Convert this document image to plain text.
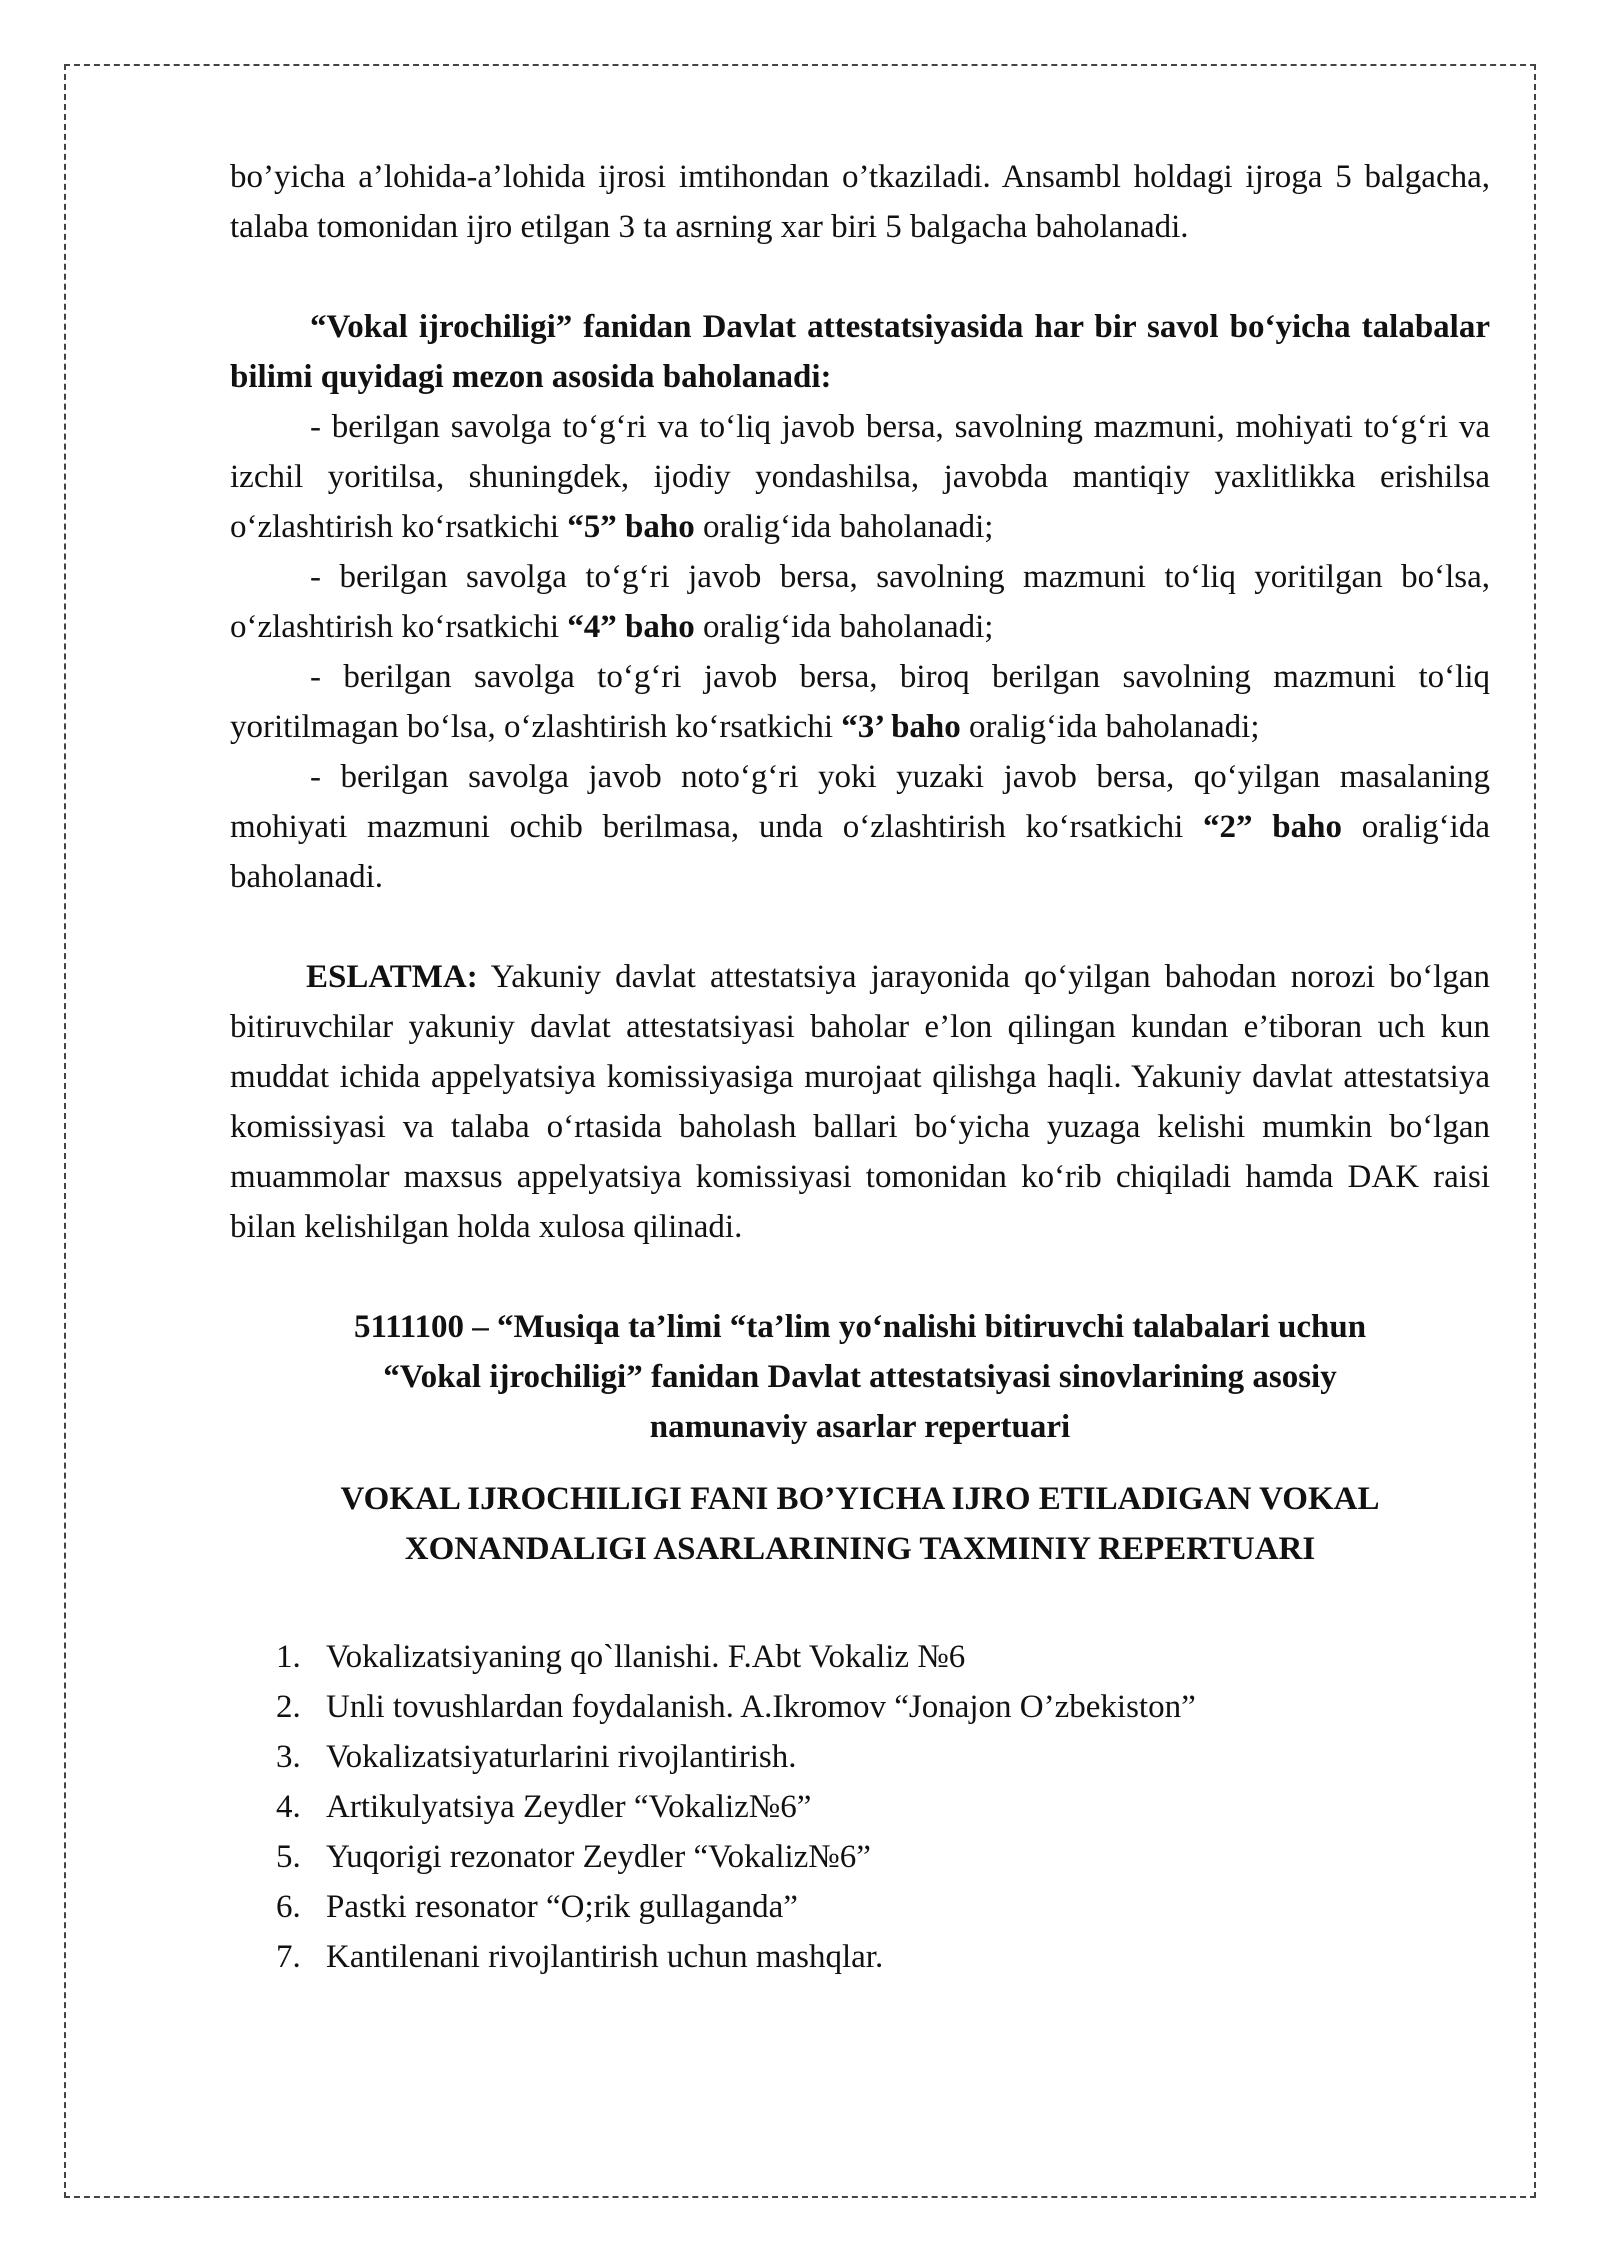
bo’yicha a’lohida-a’lohida ijrosi imtihondan o’tkaziladi. Ansambl holdagi ijroga 5 balgacha, talaba tomonidan ijro etilgan 3 ta asrning xar biri 5 balgacha baholanadi.

“Vokal ijrochiligi” fanidan Davlat attestatsiyasida har bir savol bo‘yicha talabalar bilimi quyidagi mezon asosida baholanadi:

- berilgan savolga to‘g‘ri va to‘liq javob bersa, savolning mazmuni, mohiyati to‘g‘ri va izchil yoritilsa, shuningdek, ijodiy yondashilsa, javobda mantiqiy yaxlitlikka erishilsa o‘zlashtirish ko‘rsatkichi “5” baho oralig‘ida baholanadi;

- berilgan savolga to‘g‘ri javob bersa, savolning mazmuni to‘liq yoritilgan bo‘lsa, o‘zlashtirish ko‘rsatkichi “4” baho oralig‘ida baholanadi;

- berilgan savolga to‘g‘ri javob bersa, biroq berilgan savolning mazmuni to‘liq yoritilmagan bo‘lsa, o‘zlashtirish ko‘rsatkichi “3’ baho oralig‘ida baholanadi;

- berilgan savolga javob noto‘g‘ri yoki yuzaki javob bersa, qo‘yilgan masalaning mohiyati mazmuni ochib berilmasa, unda o‘zlashtirish ko‘rsatkichi “2” baho oralig‘ida baholanadi.

ESLATMA: Yakuniy davlat attestatsiya jarayonida qo‘yilgan bahodan norozi bo‘lgan bitiruvchilar yakuniy davlat attestatsiyasi baholar e’lon qilingan kundan e’tiboran uch kun muddat ichida appelyatsiya komissiyasiga murojaat qilishga haqli. Yakuniy davlat attestatsiya komissiyasi va talaba o‘rtasida baholash ballari bo‘yicha yuzaga kelishi mumkin bo‘lgan muammolar maxsus appelyatsiya komissiyasi tomonidan ko‘rib chiqiladi hamda DAK raisi bilan kelishilgan holda xulosa qilinadi.

5111100 – “Musiqa ta’limi “ta’lim yo‘nalishi bitiruvchi talabalari uchun
“Vokal ijrochiligi” fanidan Davlat attestatsiyasi sinovlarining asosiy
namunaviy asarlar repertuari
VOKAL IJROCHILIGI FANI BO’YICHA IJRO ETILADIGAN VOKAL
XONANDALIGI ASARLARINING TAXMINIY REPERTUARI
1. Vokalizatsiyaning qo`llanishi. F.Abt Vokaliz №6
2. Unli tovushlardan foydalanish. A.Ikromov “Jonajon O’zbekiston”
3. Vokalizatsiyaturlarini rivojlantirish.
4. Artikulyatsiya Zeydler “Vokaliz№6”
5. Yuqorigi rezonator Zeydler “Vokaliz№6”
6. Pastki resonator “O;rik gullaganda”
7. Kantilenani rivojlantirish uchun mashqlar.
